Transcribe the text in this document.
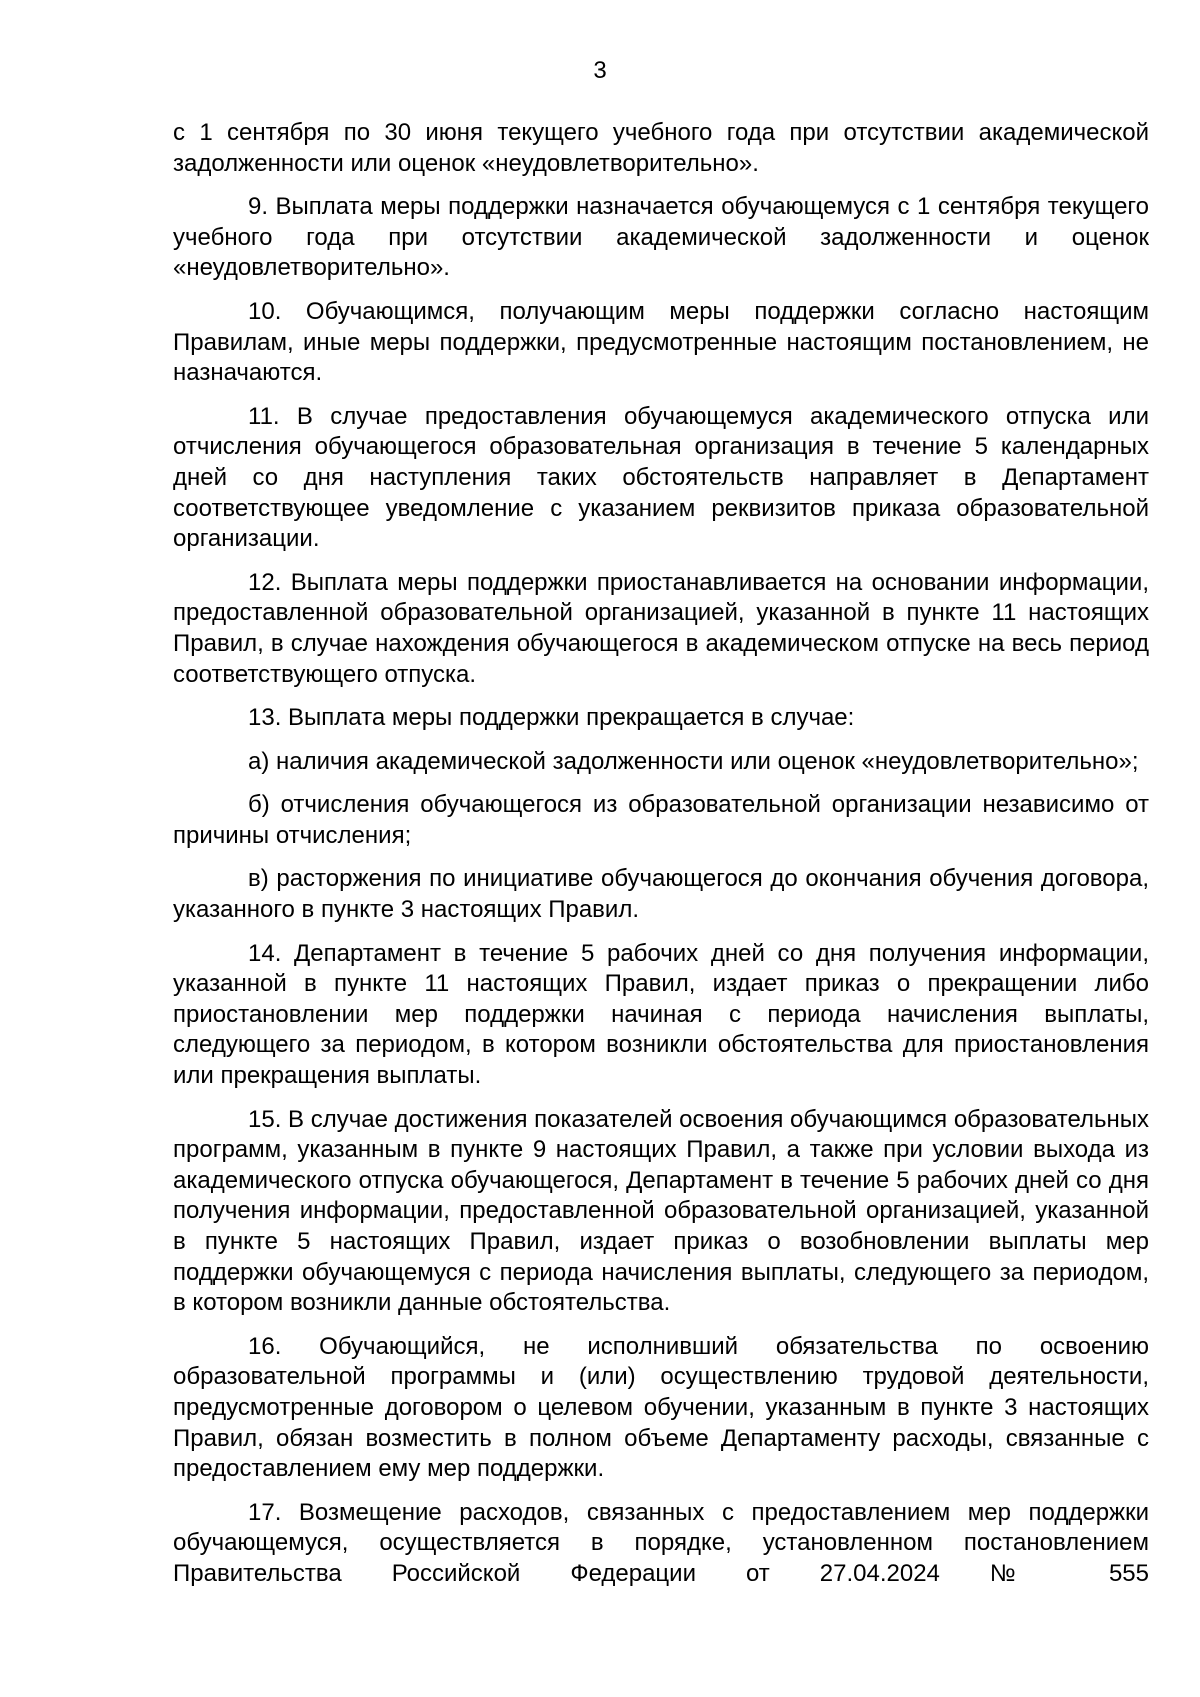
3

с 1 сентября по 30 июня текущего учебного года при отсутствии академической задолженности или оценок «неудовлетворительно».

9. Выплата меры поддержки назначается обучающемуся с 1 сентября текущего учебного года при отсутствии академической задолженности и оценок «неудовлетворительно».

10. Обучающимся, получающим меры поддержки согласно настоящим Правилам, иные меры поддержки, предусмотренные настоящим постановлением, не назначаются.

11. В случае предоставления обучающемуся академического отпуска или отчисления обучающегося образовательная организация в течение 5 календарных дней со дня наступления таких обстоятельств направляет в Департамент соответствующее уведомление с указанием реквизитов приказа образовательной организации.

12. Выплата меры поддержки приостанавливается на основании информации, предоставленной образовательной организацией, указанной в пункте 11 настоящих Правил, в случае нахождения обучающегося в академическом отпуске на весь период соответствующего отпуска.

13. Выплата меры поддержки прекращается в случае:

а) наличия академической задолженности или оценок «неудовлетворительно»;

б) отчисления обучающегося из образовательной организации независимо от причины отчисления;

в) расторжения по инициативе обучающегося до окончания обучения договора, указанного в пункте 3 настоящих Правил.

14. Департамент в течение 5 рабочих дней со дня получения информации, указанной в пункте 11 настоящих Правил, издает приказ о прекращении либо приостановлении мер поддержки начиная с периода начисления выплаты, следующего за периодом, в котором возникли обстоятельства для приостановления или прекращения выплаты.

15. В случае достижения показателей освоения обучающимся образовательных программ, указанным в пункте 9 настоящих Правил, а также при условии выхода из академического отпуска обучающегося, Департамент в течение 5 рабочих дней со дня получения информации, предоставленной образовательной организацией, указанной в пункте 5 настоящих Правил, издает приказ о возобновлении выплаты мер поддержки обучающемуся с периода начисления выплаты, следующего за периодом, в котором возникли данные обстоятельства.

16. Обучающийся, не исполнивший обязательства по освоению образовательной программы и (или) осуществлению трудовой деятельности, предусмотренные договором о целевом обучении, указанным в пункте 3 настоящих Правил, обязан возместить в полном объеме Департаменту расходы, связанные с предоставлением ему мер поддержки.

17. Возмещение расходов, связанных с предоставлением мер поддержки обучающемуся, осуществляется в порядке, установленном постановлением Правительства Российской Федерации от 27.04.2024 № 555
